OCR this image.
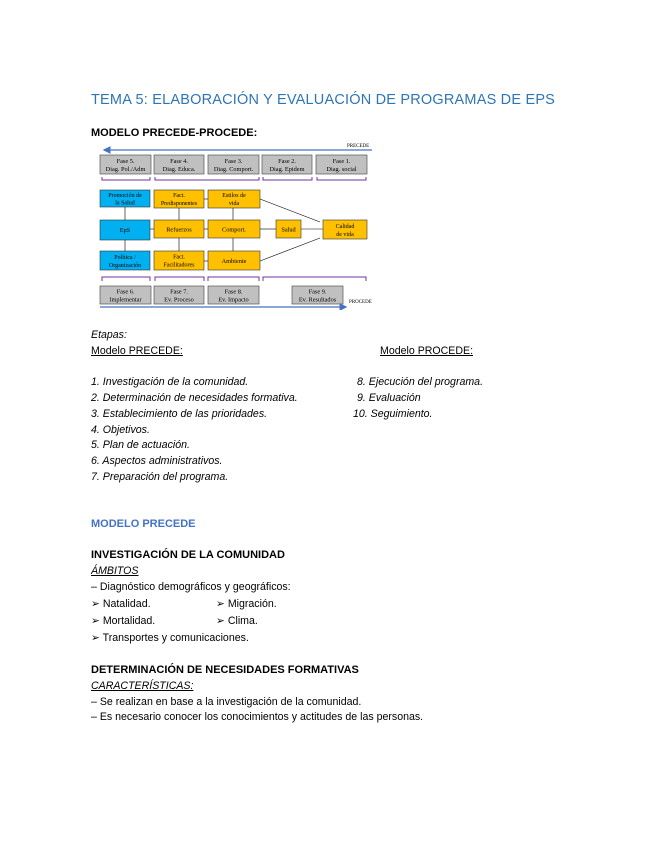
TEMA 5: ELABORACIÓN Y EVALUACIÓN DE PROGRAMAS DE EPS
MODELO PRECEDE-PROCEDE:
PRECEDE
Fase 5.
Diag. Pol./Adm
Fase 4.
Diag. Educa.
Fase 3.
Diag. Comport.
Fase 2.
Diag. Epidem
Fase 1.
Diag. social
Promoción de
la Salud
EpS
Política /
Organización
Fact.
Predisponentes
Refuerzos
Fact.
Facilitadores
Estilos de
vida
Comport.
Ambiente
Salud	Calidad
de vida
Fase 6.
Implementar
Fase 7.
Ev. Proceso
Fase 8.
Ev. Impacto
Fase 9.
Ev. Resultados	PROCEDE
Etapas:
Modelo PRECEDE:	Modelo PROCEDE:
1. Investigación de la comunidad.
2. Determinación de necesidades formativa.
3. Establecimiento de las prioridades.
4. Objetivos.
5. Plan de actuación.
6. Aspectos administrativos.
7. Preparación del programa.
8. Ejecución del programa.
9. Evaluación
10. Seguimiento.
MODELO PRECEDE
INVESTIGACIÓN DE LA COMUNIDAD
ÁMBITOS
– Diagnóstico demográficos y geográficos:
➢ Natalidad.	➢ Migración.
➢ Mortalidad.	➢ Clima.
➢ Transportes y comunicaciones.
DETERMINACIÓN DE NECESIDADES FORMATIVAS
CARACTERÍSTICAS:
– Se realizan en base a la investigación de la comunidad.
– Es necesario conocer los conocimientos y actitudes de las personas.
